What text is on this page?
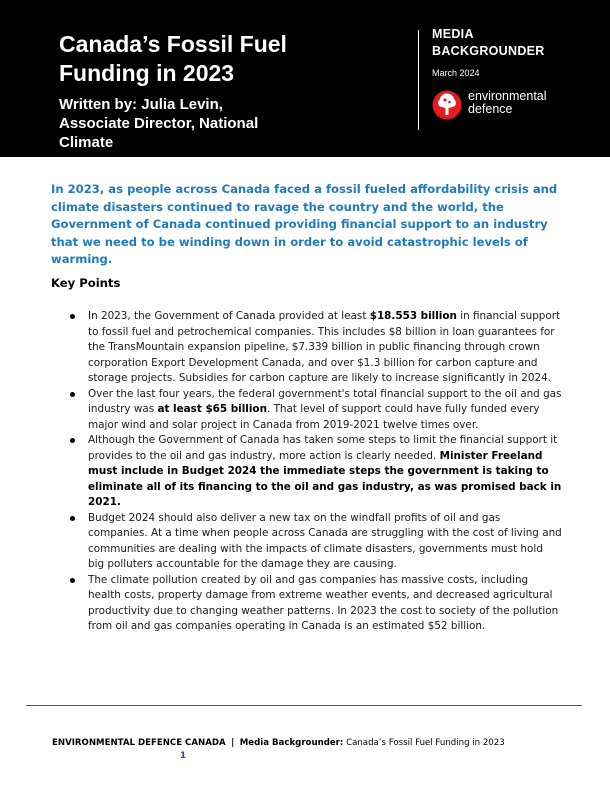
Canada’s Fossil Fuel
Funding in 2023
Written by: Julia Levin,
Associate Director, National
Climate
MEDIA
BACKGROUNDER
March 2024
environmental
defence

In 2023, as people across Canada faced a fossil fueled affordability crisis and climate disasters continued to ravage the country and the world, the Government of Canada continued providing financial support to an industry that we need to be winding down in order to avoid catastrophic levels of warming.

Key Points
In 2023, the Government of Canada provided at least $18.553 billion in financial support to fossil fuel and petrochemical companies. This includes $8 billion in loan guarantees for the TransMountain expansion pipeline, $7.339 billion in public financing through crown corporation Export Development Canada, and over $1.3 billion for carbon capture and storage projects. Subsidies for carbon capture are likely to increase significantly in 2024.
Over the last four years, the federal government's total financial support to the oil and gas industry was at least $65 billion. That level of support could have fully funded every major wind and solar project in Canada from 2019-2021 twelve times over.
Although the Government of Canada has taken some steps to limit the financial support it provides to the oil and gas industry, more action is clearly needed. Minister Freeland must include in Budget 2024 the immediate steps the government is taking to eliminate all of its financing to the oil and gas industry, as was promised back in 2021.
Budget 2024 should also deliver a new tax on the windfall profits of oil and gas companies. At a time when people across Canada are struggling with the cost of living and communities are dealing with the impacts of climate disasters, governments must hold big polluters accountable for the damage they are causing.
The climate pollution created by oil and gas companies has massive costs, including health costs, property damage from extreme weather events, and decreased agricultural productivity due to changing weather patterns. In 2023 the cost to society of the pollution from oil and gas companies operating in Canada is an estimated $52 billion.
ENVIRONMENTAL DEFENCE CANADA | Media Backgrounder: Canada’s Fossil Fuel Funding in 2023
1
